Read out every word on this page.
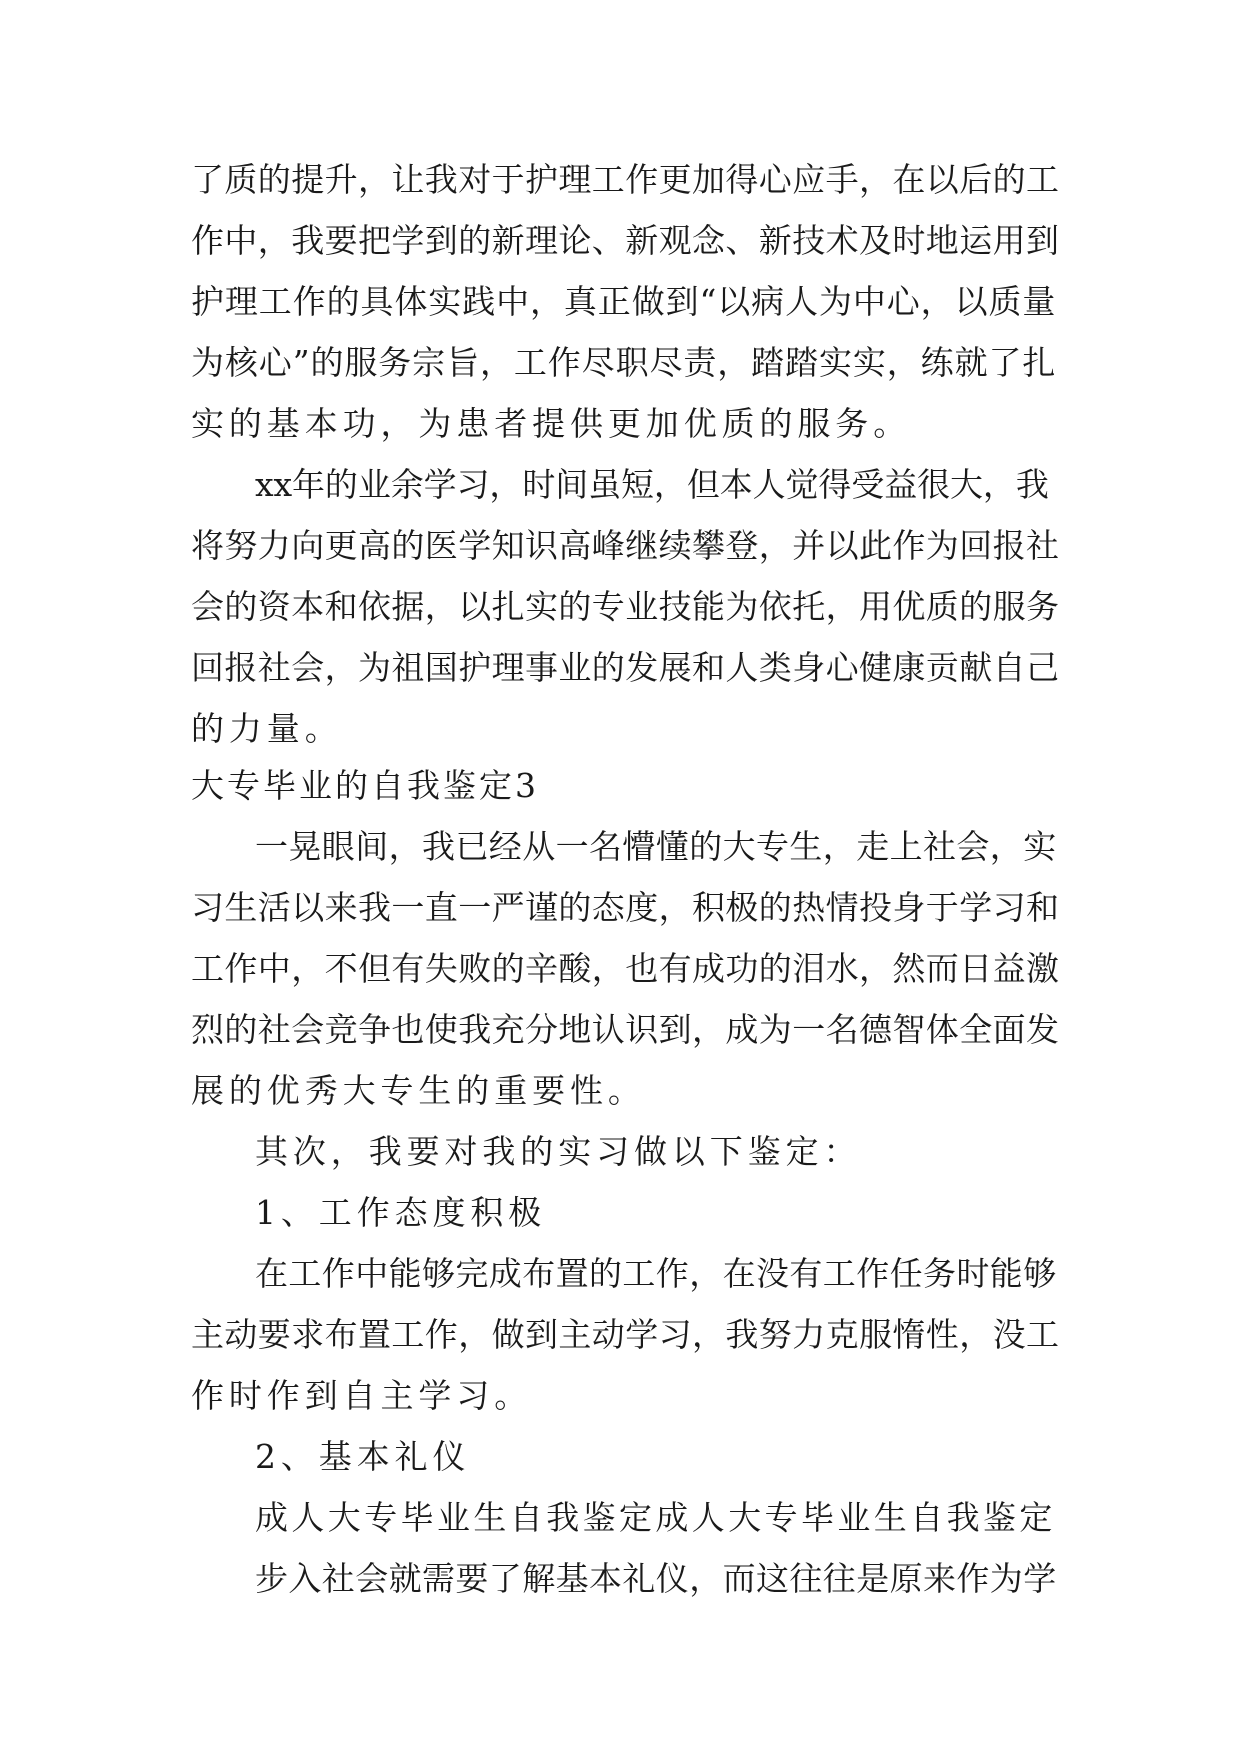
了质的提升，让我对于护理工作更加得心应手，在以后的工

作中，我要把学到的新理论、新观念、新技术及时地运用到

护理工作的具体实践中，真正做到“以病人为中心，以质量

为核心”的服务宗旨，工作尽职尽责，踏踏实实，练就了扎

实的基本功，为患者提供更加优质的服务。

xx年的业余学习，时间虽短，但本人觉得受益很大，我

将努力向更高的医学知识高峰继续攀登，并以此作为回报社

会的资本和依据，以扎实的专业技能为依托，用优质的服务

回报社会，为祖国护理事业的发展和人类身心健康贡献自己

的力量。

大专毕业的自我鉴定3

一晃眼间，我已经从一名懵懂的大专生，走上社会，实

习生活以来我一直一严谨的态度，积极的热情投身于学习和

工作中，不但有失败的辛酸，也有成功的泪水，然而日益激

烈的社会竞争也使我充分地认识到，成为一名德智体全面发

展的优秀大专生的重要性。

其次，我要对我的实习做以下鉴定：

1、工作态度积极

在工作中能够完成布置的工作，在没有工作任务时能够

主动要求布置工作，做到主动学习，我努力克服惰性，没工

作时作到自主学习。

2、基本礼仪

成人大专毕业生自我鉴定成人大专毕业生自我鉴定

步入社会就需要了解基本礼仪，而这往往是原来作为学
